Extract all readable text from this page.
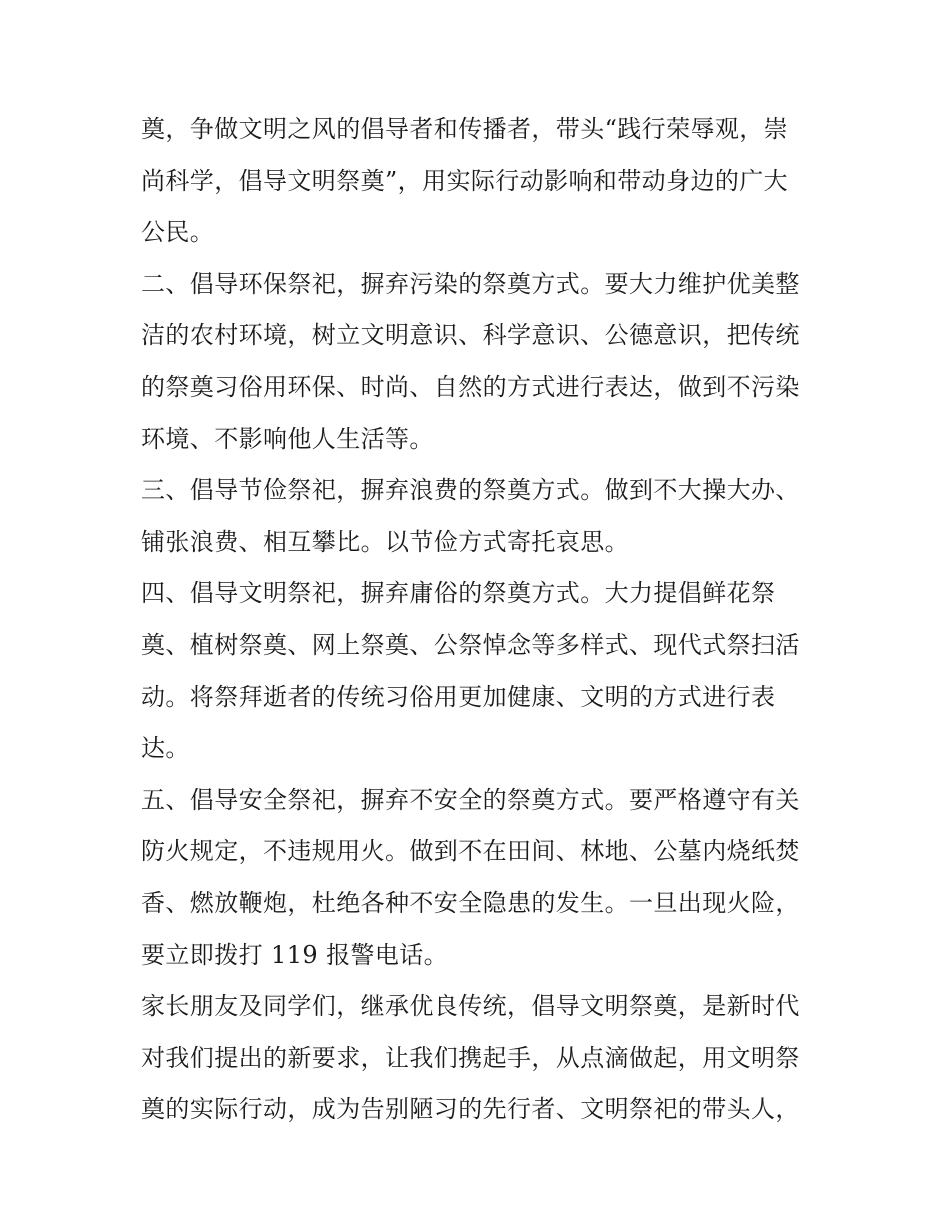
奠，争做文明之风的倡导者和传播者，带头“践行荣辱观，崇
尚科学，倡导文明祭奠”，用实际行动影响和带动身边的广大
公民。
二、倡导环保祭祀，摒弃污染的祭奠方式。要大力维护优美整
洁的农村环境，树立文明意识、科学意识、公德意识，把传统
的祭奠习俗用环保、时尚、自然的方式进行表达，做到不污染
环境、不影响他人生活等。
三、倡导节俭祭祀，摒弃浪费的祭奠方式。做到不大操大办、
铺张浪费、相互攀比。以节俭方式寄托哀思。
四、倡导文明祭祀，摒弃庸俗的祭奠方式。大力提倡鲜花祭
奠、植树祭奠、网上祭奠、公祭悼念等多样式、现代式祭扫活
动。将祭拜逝者的传统习俗用更加健康、文明的方式进行表
达。
五、倡导安全祭祀，摒弃不安全的祭奠方式。要严格遵守有关
防火规定，不违规用火。做到不在田间、林地、公墓内烧纸焚
香、燃放鞭炮，杜绝各种不安全隐患的发生。一旦出现火险，
要立即拨打 119 报警电话。
家长朋友及同学们，继承优良传统，倡导文明祭奠，是新时代
对我们提出的新要求，让我们携起手，从点滴做起，用文明祭
奠的实际行动，成为告别陋习的先行者、文明祭祀的带头人，
